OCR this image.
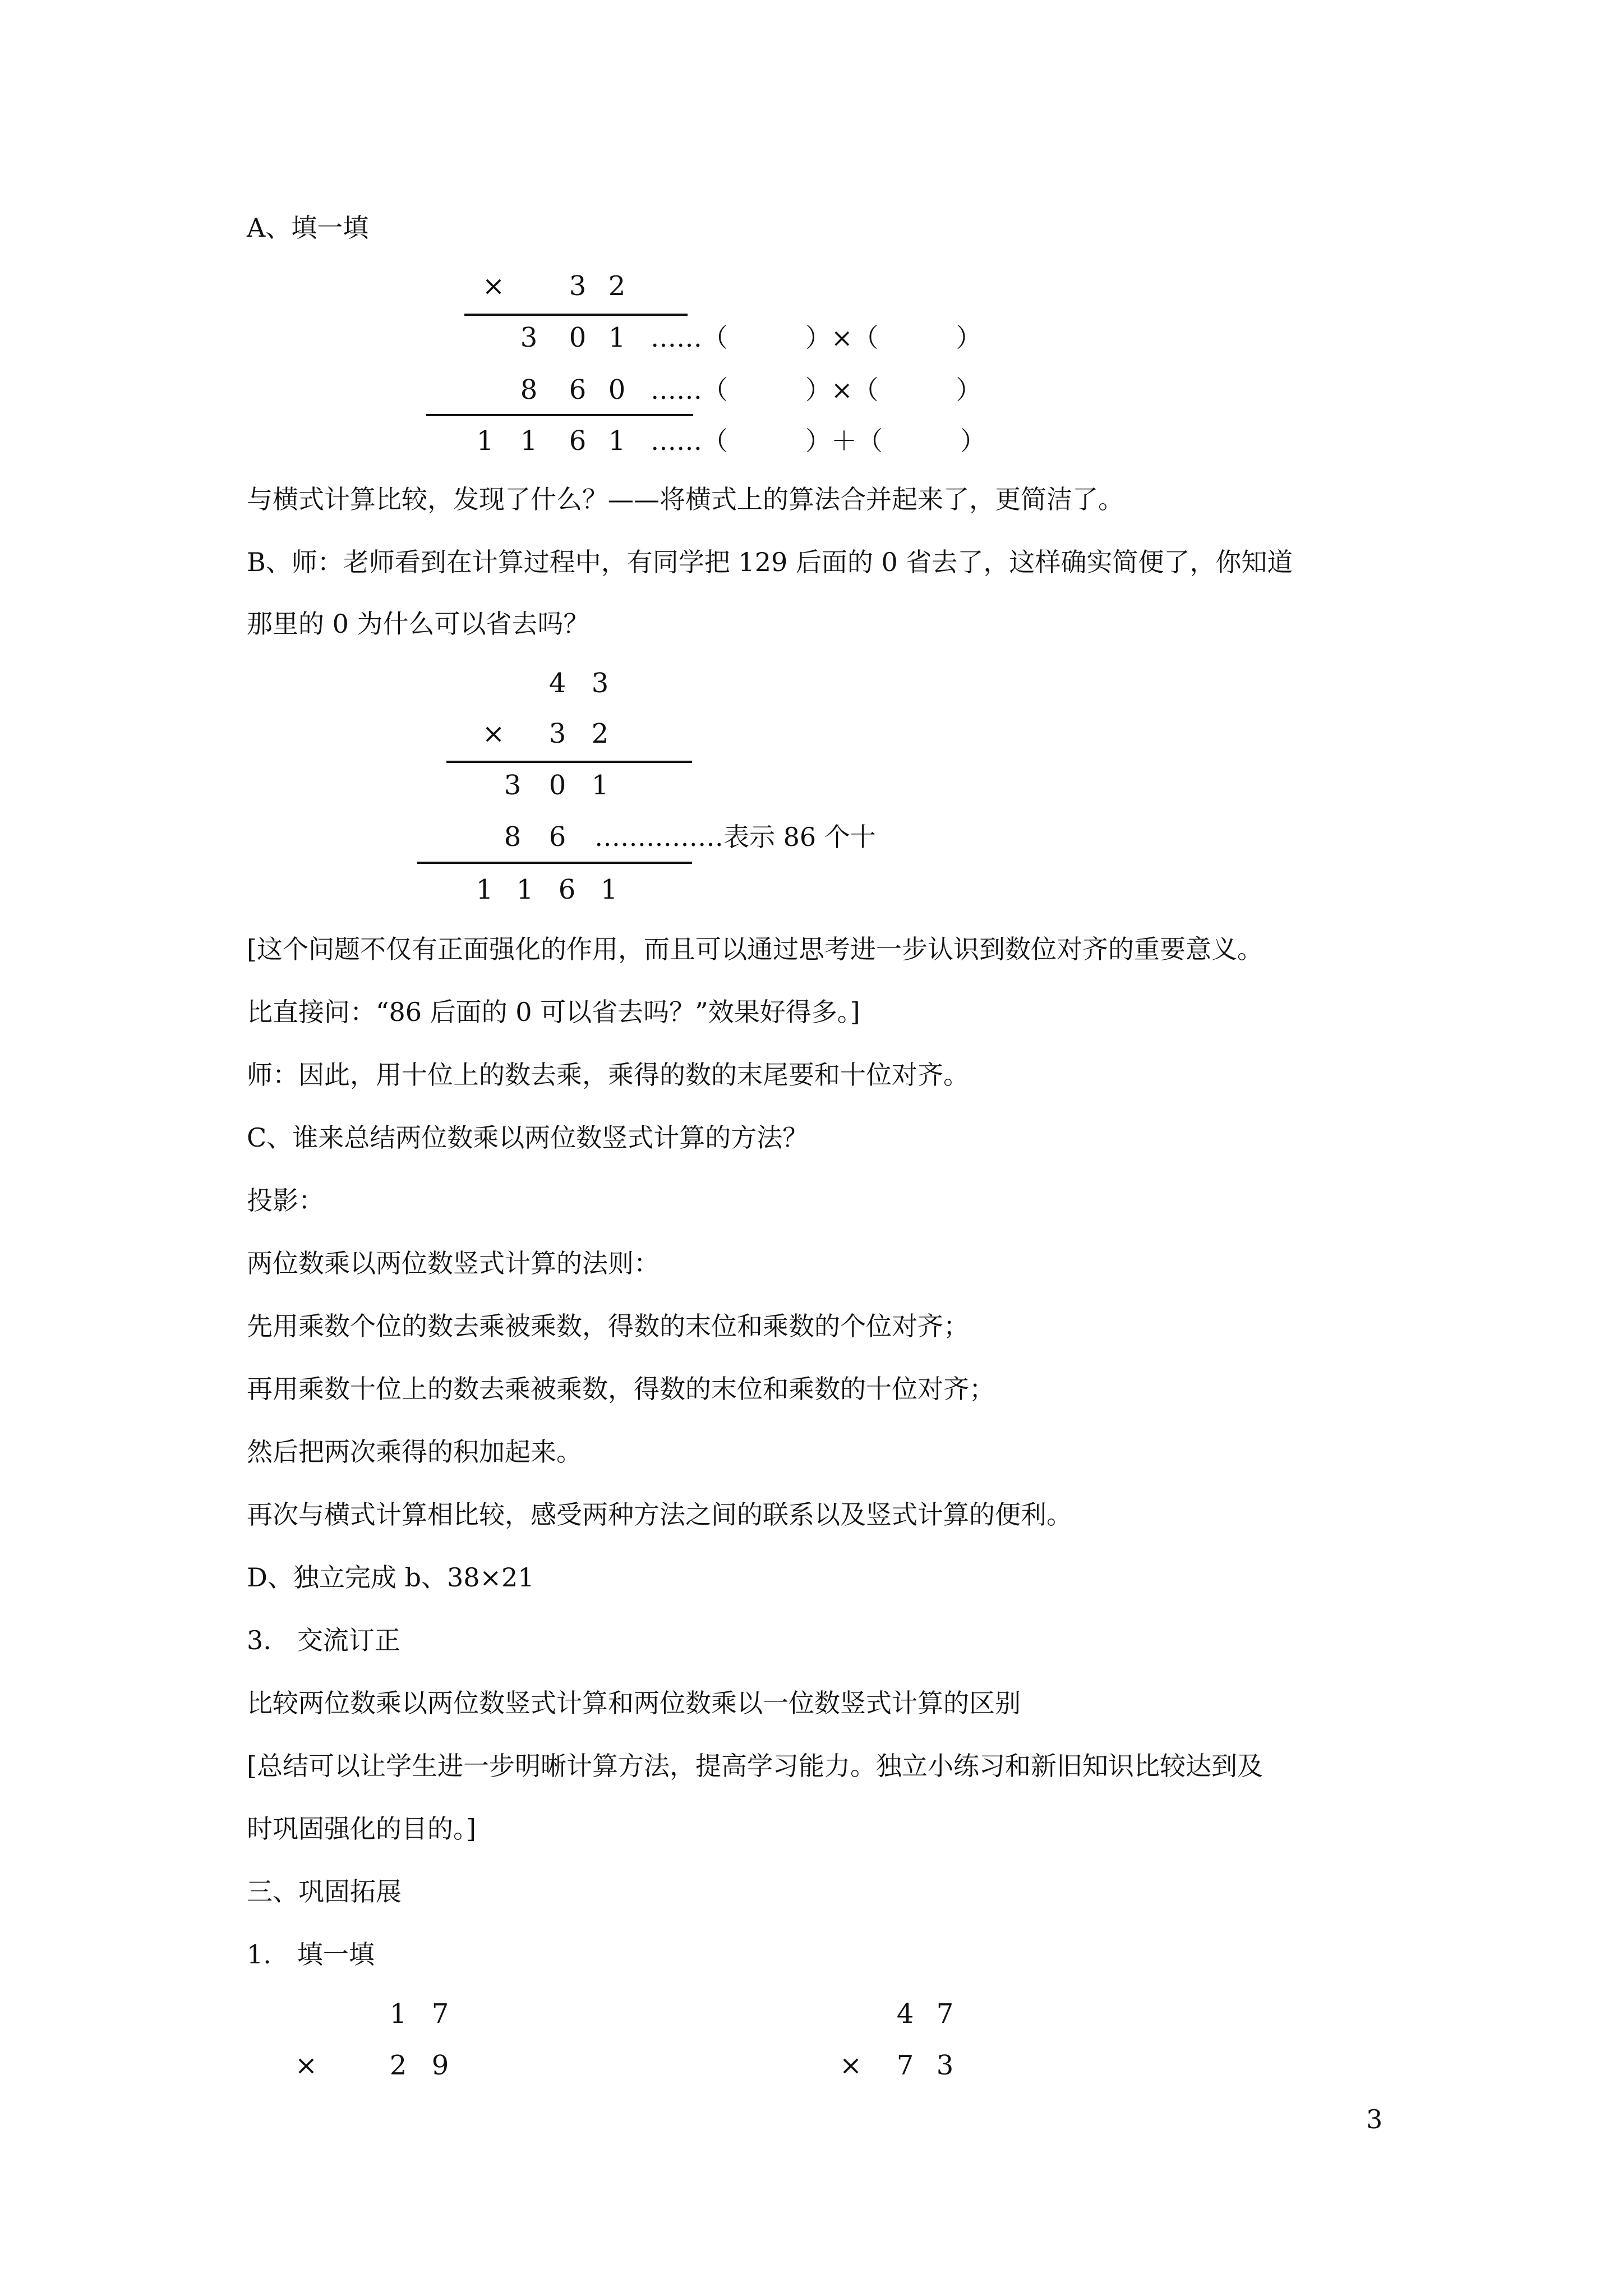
A、填一填
×	3 2
3	0 1 ……（　　　）×（　　　）
8	6 0 ……（　　　）×（　　　）
1 1	6 1 ……（　　　）＋（　　　）
与横式计算比较，发现了什么？——将横式上的算法合并起来了，更简洁了。
B、师：老师看到在计算过程中，有同学把 129 后面的 0 省去了，这样确实简便了，你知道
那里的 0 为什么可以省去吗？
4 3
×	3 2
3	0 1
8	6	……………表示 86 个十
1 1 6 1
[这个问题不仅有正面强化的作用，而且可以通过思考进一步认识到数位对齐的重要意义。
比直接问：“86 后面的 0 可以省去吗？”效果好得多。]
师：因此，用十位上的数去乘，乘得的数的末尾要和十位对齐。
C、谁来总结两位数乘以两位数竖式计算的方法？
投影：
两位数乘以两位数竖式计算的法则：
先用乘数个位的数去乘被乘数，得数的末位和乘数的个位对齐；
再用乘数十位上的数去乘被乘数，得数的末位和乘数的十位对齐；
然后把两次乘得的积加起来。
再次与横式计算相比较，感受两种方法之间的联系以及竖式计算的便利。
D、独立完成 b、38×21
3.　交流订正
比较两位数乘以两位数竖式计算和两位数乘以一位数竖式计算的区别
[总结可以让学生进一步明晰计算方法，提高学习能力。独立小练习和新旧知识比较达到及
时巩固强化的目的。]
三、巩固拓展
1.　填一填
1 7
×	2 9
4 7
×	7 3
3
